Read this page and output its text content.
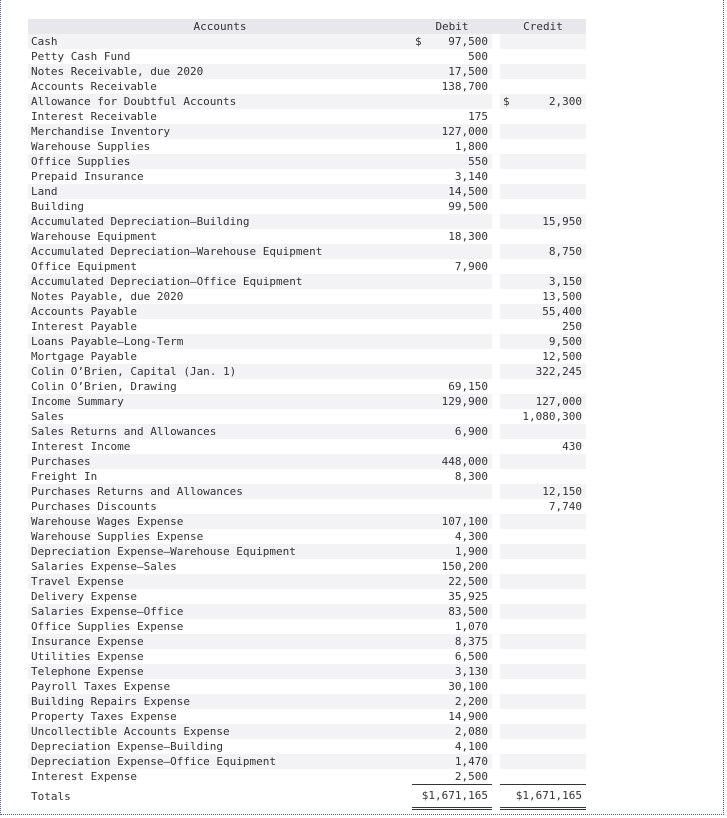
Accounts	Debit		Credit
Cash	$ 97,500		
Petty Cash Fund	500		
Notes Receivable, due 2020	17,500		
Accounts Receivable	138,700		
Allowance for Doubtful Accounts			$ 2,300
Interest Receivable	175		
Merchandise Inventory	127,000		
Warehouse Supplies	1,800		
Office Supplies	550		
Prepaid Insurance	3,140		
Land	14,500		
Building	99,500		
Accumulated Depreciation—Building			15,950
Warehouse Equipment	18,300		
Accumulated Depreciation—Warehouse Equipment			8,750
Office Equipment	7,900		
Accumulated Depreciation—Office Equipment			3,150
Notes Payable, due 2020			13,500
Accounts Payable			55,400
Interest Payable			250
Loans Payable—Long-Term			9,500
Mortgage Payable			12,500
Colin O’Brien, Capital (Jan. 1)			322,245
Colin O’Brien, Drawing	69,150		
Income Summary	129,900		127,000
Sales			1,080,300
Sales Returns and Allowances	6,900		
Interest Income			430
Purchases	448,000		
Freight In	8,300		
Purchases Returns and Allowances			12,150
Purchases Discounts			7,740
Warehouse Wages Expense	107,100		
Warehouse Supplies Expense	4,300		
Depreciation Expense—Warehouse Equipment	1,900		
Salaries Expense—Sales	150,200		
Travel Expense	22,500		
Delivery Expense	35,925		
Salaries Expense—Office	83,500		
Office Supplies Expense	1,070		
Insurance Expense	8,375		
Utilities Expense	6,500		
Telephone Expense	3,130		
Payroll Taxes Expense	30,100		
Building Repairs Expense	2,200		
Property Taxes Expense	14,900		
Uncollectible Accounts Expense	2,080		
Depreciation Expense—Building	4,100		
Depreciation Expense—Office Equipment	1,470		
Interest Expense	2,500		
Totals	$1,671,165		$1,671,165
